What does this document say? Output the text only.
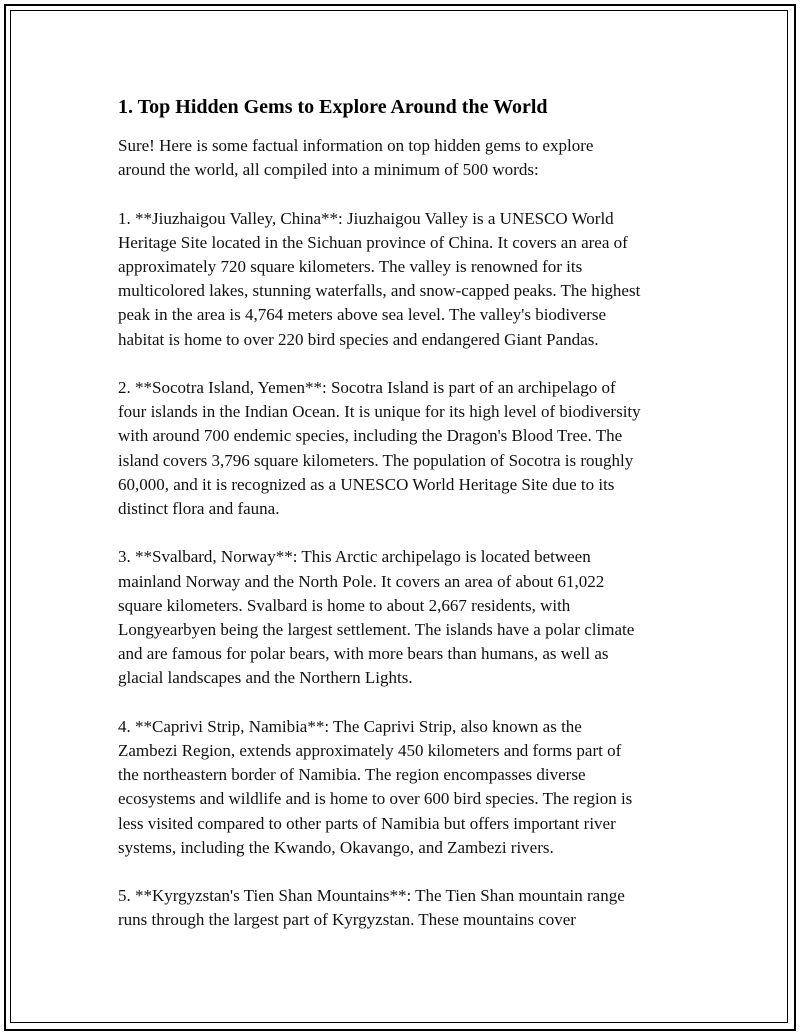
1. Top Hidden Gems to Explore Around the World

Sure! Here is some factual information on top hidden gems to explore
around the world, all compiled into a minimum of 500 words:

1. **Jiuzhaigou Valley, China**: Jiuzhaigou Valley is a UNESCO World
Heritage Site located in the Sichuan province of China. It covers an area of
approximately 720 square kilometers. The valley is renowned for its
multicolored lakes, stunning waterfalls, and snow-capped peaks. The highest
peak in the area is 4,764 meters above sea level. The valley's biodiverse
habitat is home to over 220 bird species and endangered Giant Pandas.

2. **Socotra Island, Yemen**: Socotra Island is part of an archipelago of
four islands in the Indian Ocean. It is unique for its high level of biodiversity
with around 700 endemic species, including the Dragon's Blood Tree. The
island covers 3,796 square kilometers. The population of Socotra is roughly
60,000, and it is recognized as a UNESCO World Heritage Site due to its
distinct flora and fauna.

3. **Svalbard, Norway**: This Arctic archipelago is located between
mainland Norway and the North Pole. It covers an area of about 61,022
square kilometers. Svalbard is home to about 2,667 residents, with
Longyearbyen being the largest settlement. The islands have a polar climate
and are famous for polar bears, with more bears than humans, as well as
glacial landscapes and the Northern Lights.

4. **Caprivi Strip, Namibia**: The Caprivi Strip, also known as the
Zambezi Region, extends approximately 450 kilometers and forms part of
the northeastern border of Namibia. The region encompasses diverse
ecosystems and wildlife and is home to over 600 bird species. The region is
less visited compared to other parts of Namibia but offers important river
systems, including the Kwando, Okavango, and Zambezi rivers.

5. **Kyrgyzstan's Tien Shan Mountains**: The Tien Shan mountain range
runs through the largest part of Kyrgyzstan. These mountains cover
